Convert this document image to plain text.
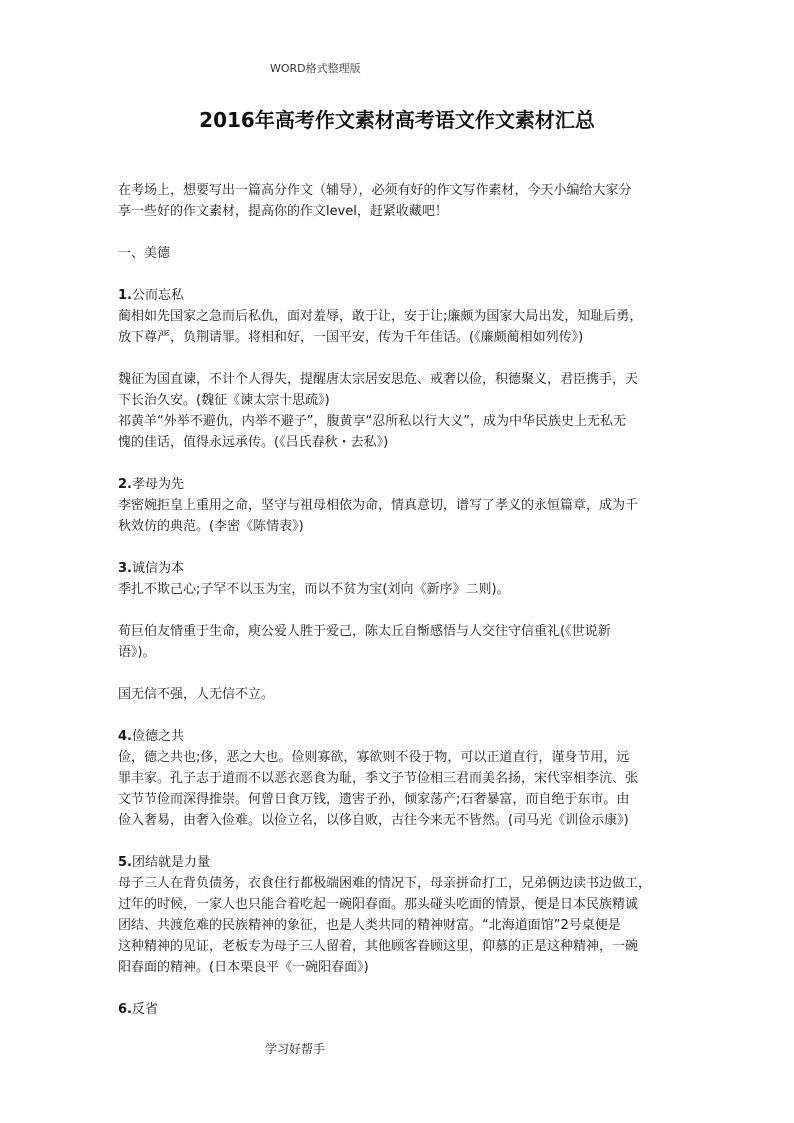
WORD格式整理版
2016年高考作文素材高考语文作文素材汇总

在考场上，想要写出一篇高分作文（辅导），必须有好的作文写作素材，今天小编给大家分

享一些好的作文素材，提高你的作文level，赶紧收藏吧！

一、美德

1.公而忘私

蔺相如先国家之急而后私仇，面对羞辱，敢于让，安于让;廉颇为国家大局出发，知耻后勇，

放下尊严，负荆请罪。将相和好，一国平安，传为千年佳话。(《廉颇蔺相如列传》)

魏征为国直谏，不计个人得失，提醒唐太宗居安思危、戒奢以俭，积德聚义，君臣携手，天

下长治久安。(魏征《谏太宗十思疏》)

祁黄羊“外举不避仇，内举不避子”，腹黄享“忍所私以行大义”，成为中华民族史上无私无

愧的佳话，值得永远承传。(《吕氏春秋・去私》)

2.孝母为先

李密婉拒皇上重用之命，坚守与祖母相依为命，情真意切，谱写了孝义的永恒篇章，成为千

秋效仿的典范。(李密《陈情表》)

3.诚信为本

季扎不欺己心;子罕不以玉为宝，而以不贫为宝(刘向《新序》二则)。

荀巨伯友情重于生命，庾公爱人胜于爱己，陈太丘自惭感悟与人交往守信重礼(《世说新

语》)。

国无信不强，人无信不立。

4.俭德之共

俭，德之共也;侈，恶之大也。俭则寡欲，寡欲则不役于物，可以正道直行，谨身节用，远

罪丰家。孔子志于道而不以恶衣恶食为耻，季文子节俭相三君而美名扬，宋代宰相李沆、张

文节节俭而深得推崇。何曾日食万钱，遗害子孙，倾家荡产;石奢暴富，而自绝于东市。由

俭入奢易，由奢入俭难。以俭立名，以侈自败，古往今来无不皆然。(司马光《训俭示康》)

5.团结就是力量

母子三人在背负债务，衣食住行都极端困难的情况下，母亲拼命打工，兄弟俩边读书边做工，

过年的时候，一家人也只能合着吃起一碗阳春面。那头碰头吃面的情景，便是日本民族精诚

团结、共渡危难的民族精神的象征，也是人类共同的精神财富。“北海道面馆”2号桌便是

这种精神的见证，老板专为母子三人留着，其他顾客眷顾这里，仰慕的正是这种精神，一碗

阳春面的精神。(日本栗良平《一碗阳春面》)

6.反省

学习好帮手
